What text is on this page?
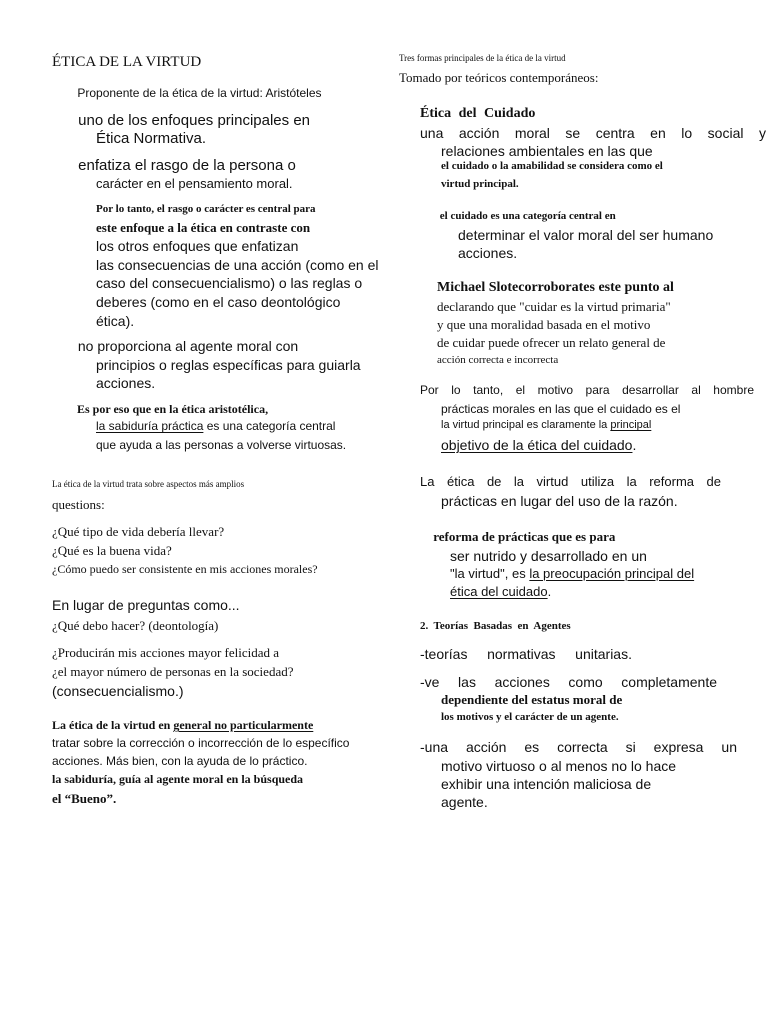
ÉTICA DE LA VIRTUD
Proponente de la ética de la virtud: Aristóteles
uno de los enfoques principales en
Ética Normativa.
enfatiza el rasgo de la persona o
carácter en el pensamiento moral.
Por lo tanto, el rasgo o carácter es central para
este enfoque a la ética en contraste con
los otros enfoques que enfatizan
las consecuencias de una acción (como en el
caso del consecuencialismo) o las reglas o
deberes (como en el caso deontológico
ética).
no proporciona al agente moral con
principios o reglas específicas para guiarla
acciones.
Es por eso que en la ética aristotélica,
la sabiduría práctica es una categoría central
que ayuda a las personas a volverse virtuosas.
La ética de la virtud trata sobre aspectos más amplios
questions:
¿Qué tipo de vida debería llevar?
¿Qué es la buena vida?
¿Cómo puedo ser consistente en mis acciones morales?
En lugar de preguntas como...
¿Qué debo hacer? (deontología)
¿Producirán mis acciones mayor felicidad a
¿el mayor número de personas en la sociedad?
(consecuencialismo.)
La ética de la virtud en general no particularmente
tratar sobre la corrección o incorrección de lo específico
acciones. Más bien, con la ayuda de lo práctico.
la sabiduría, guía al agente moral en la búsqueda
el “Bueno”.
Tres formas principales de la ética de la virtud
Tomado por teóricos contemporáneos:
Ética del Cuidado
una acción moral se centra en lo social y
relaciones ambientales en las que
el cuidado o la amabilidad se considera como el
virtud principal.
el cuidado es una categoría central en
determinar el valor moral del ser humano
acciones.
Michael Slotecorroborates este punto al
declarando que "cuidar es la virtud primaria"
y que una moralidad basada en el motivo
de cuidar puede ofrecer un relato general de
acción correcta e incorrecta
Por lo tanto, el motivo para desarrollar al hombre
prácticas morales en las que el cuidado es el
la virtud principal es claramente la principal
objetivo de la ética del cuidado.
La ética de la virtud utiliza la reforma de
prácticas en lugar del uso de la razón.
reforma de prácticas que es para
ser nutrido y desarrollado en un
"la virtud", es la preocupación principal del
ética del cuidado.
2.  Teorías  Basadas  en  Agentes
-teorías normativas unitarias.
-ve las acciones como completamente
dependiente del estatus moral de
los motivos y el carácter de un agente.
-una acción es correcta si expresa un
motivo virtuoso o al menos no lo hace
exhibir una intención maliciosa de
agente.
